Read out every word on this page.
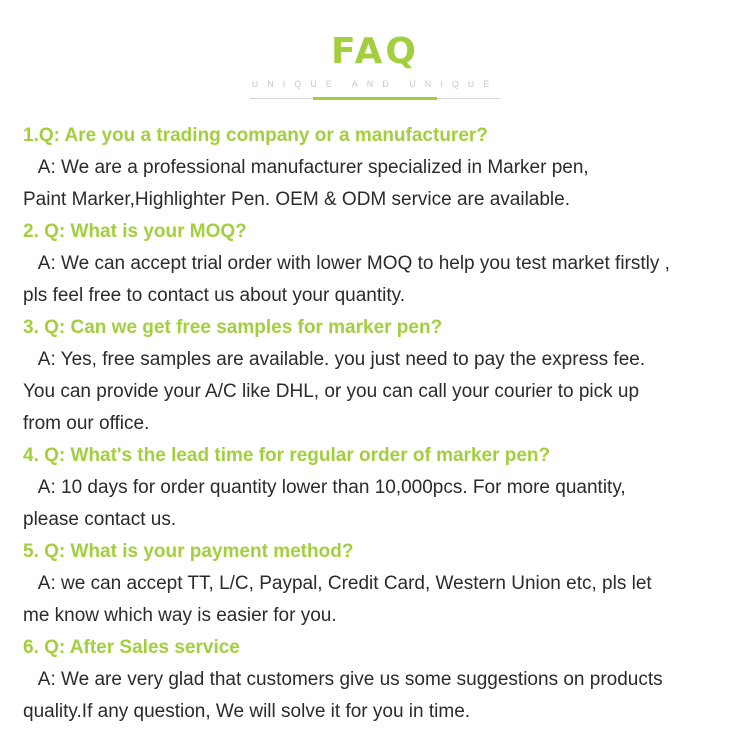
FAQ
UNIQUE AND UNIQUE
1.Q: Are you a trading company or a manufacturer?

A: We are a professional manufacturer specialized in Marker pen,
Paint Marker,Highlighter Pen. OEM & ODM service are available.

2. Q: What is your MOQ?

A: We can accept trial order with lower MOQ to help you test market firstly ,
pls feel free to contact us about your quantity.

3. Q: Can we get free samples for marker pen?

A: Yes, free samples are available. you just need to pay the express fee.
You can provide your A/C like DHL, or you can call your courier to pick up
from our office.

4. Q: What's the lead time for regular order of marker pen?

A: 10 days for order quantity lower than 10,000pcs. For more quantity,
please contact us.

5. Q: What is your payment method?

A: we can accept TT, L/C, Paypal, Credit Card, Western Union etc, pls let
me know which way is easier for you.

6. Q: After Sales service

A: We are very glad that customers give us some suggestions on products
quality.If any question, We will solve it for you in time.
